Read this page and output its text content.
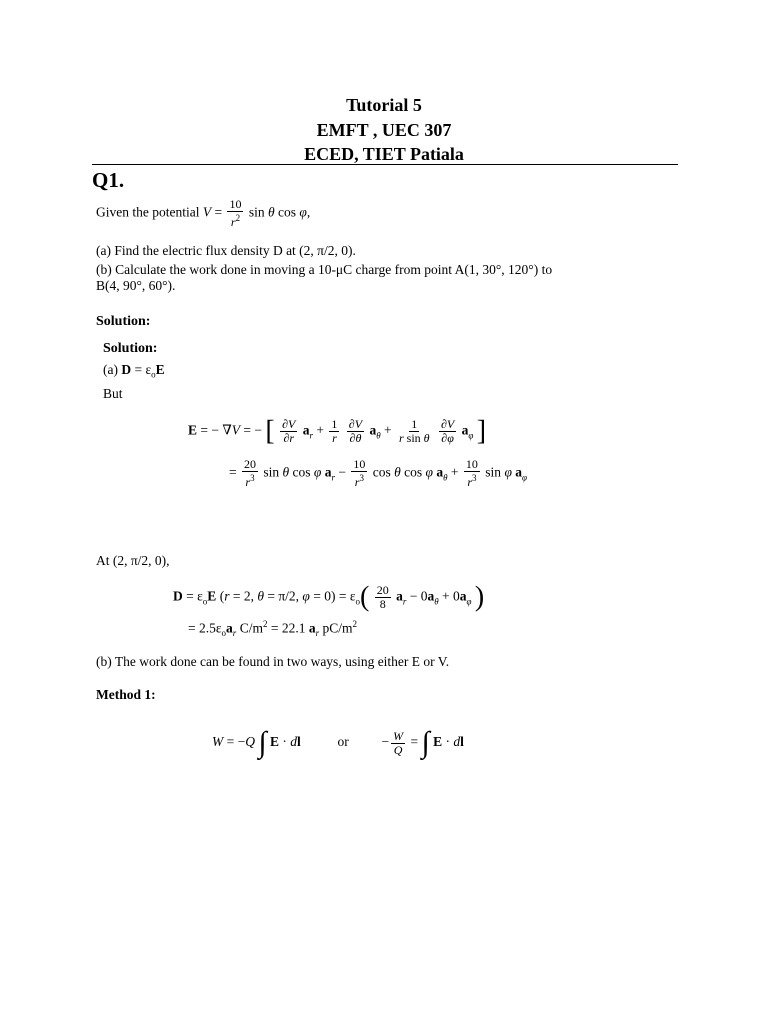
Tutorial 5
EMFT , UEC 307
ECED, TIET Patiala
Q1.
Given the potential $V = \frac{10}{r^2}$ sin θ cos φ,
(a) Find the electric flux density D at (2, π/2, 0).
(b) Calculate the work done in moving a 10-μC charge from point A(1, 30°, 120°) to
B(4, 90°, 60°).
Solution:
Solution:
(a) $D = \varepsilon_oE$
But
E = − ∇V = − [ $\frac{\partial V}{\partial r} a_r + \frac{1}{r}$
$\frac{\partial V}{\partial\theta} a_\theta + \frac{1}{\text{r sin θ}}$
$\frac{\partial V}{\partial\varphi} a_\varphi$ ]
= $\frac{20}{r^3}$ sin θ cos φ $a_r - \frac{10}{r^3}$ cos θ cos φ $a_\theta + \frac{10}{r^3}$ sin φ $a_\varphi$
At (2, π/2, 0),
$D = \varepsilon_oE$ (r = 2, θ = π/2, $\varphi = 0) = \varepsilon_o( \frac{20}{8} a_r - 0a_\theta + 0a_\varphi$ )
= $2.5\varepsilon_oa_r$ $C/m^2 = 22.1$ $a_r$ $pC/m^2$
(b) The work done can be found in two ways, using either E or V.
Method 1:
W = −Q ∫ E · dl	or  − $\frac{W}{Q}$ = ∫ E · dl
